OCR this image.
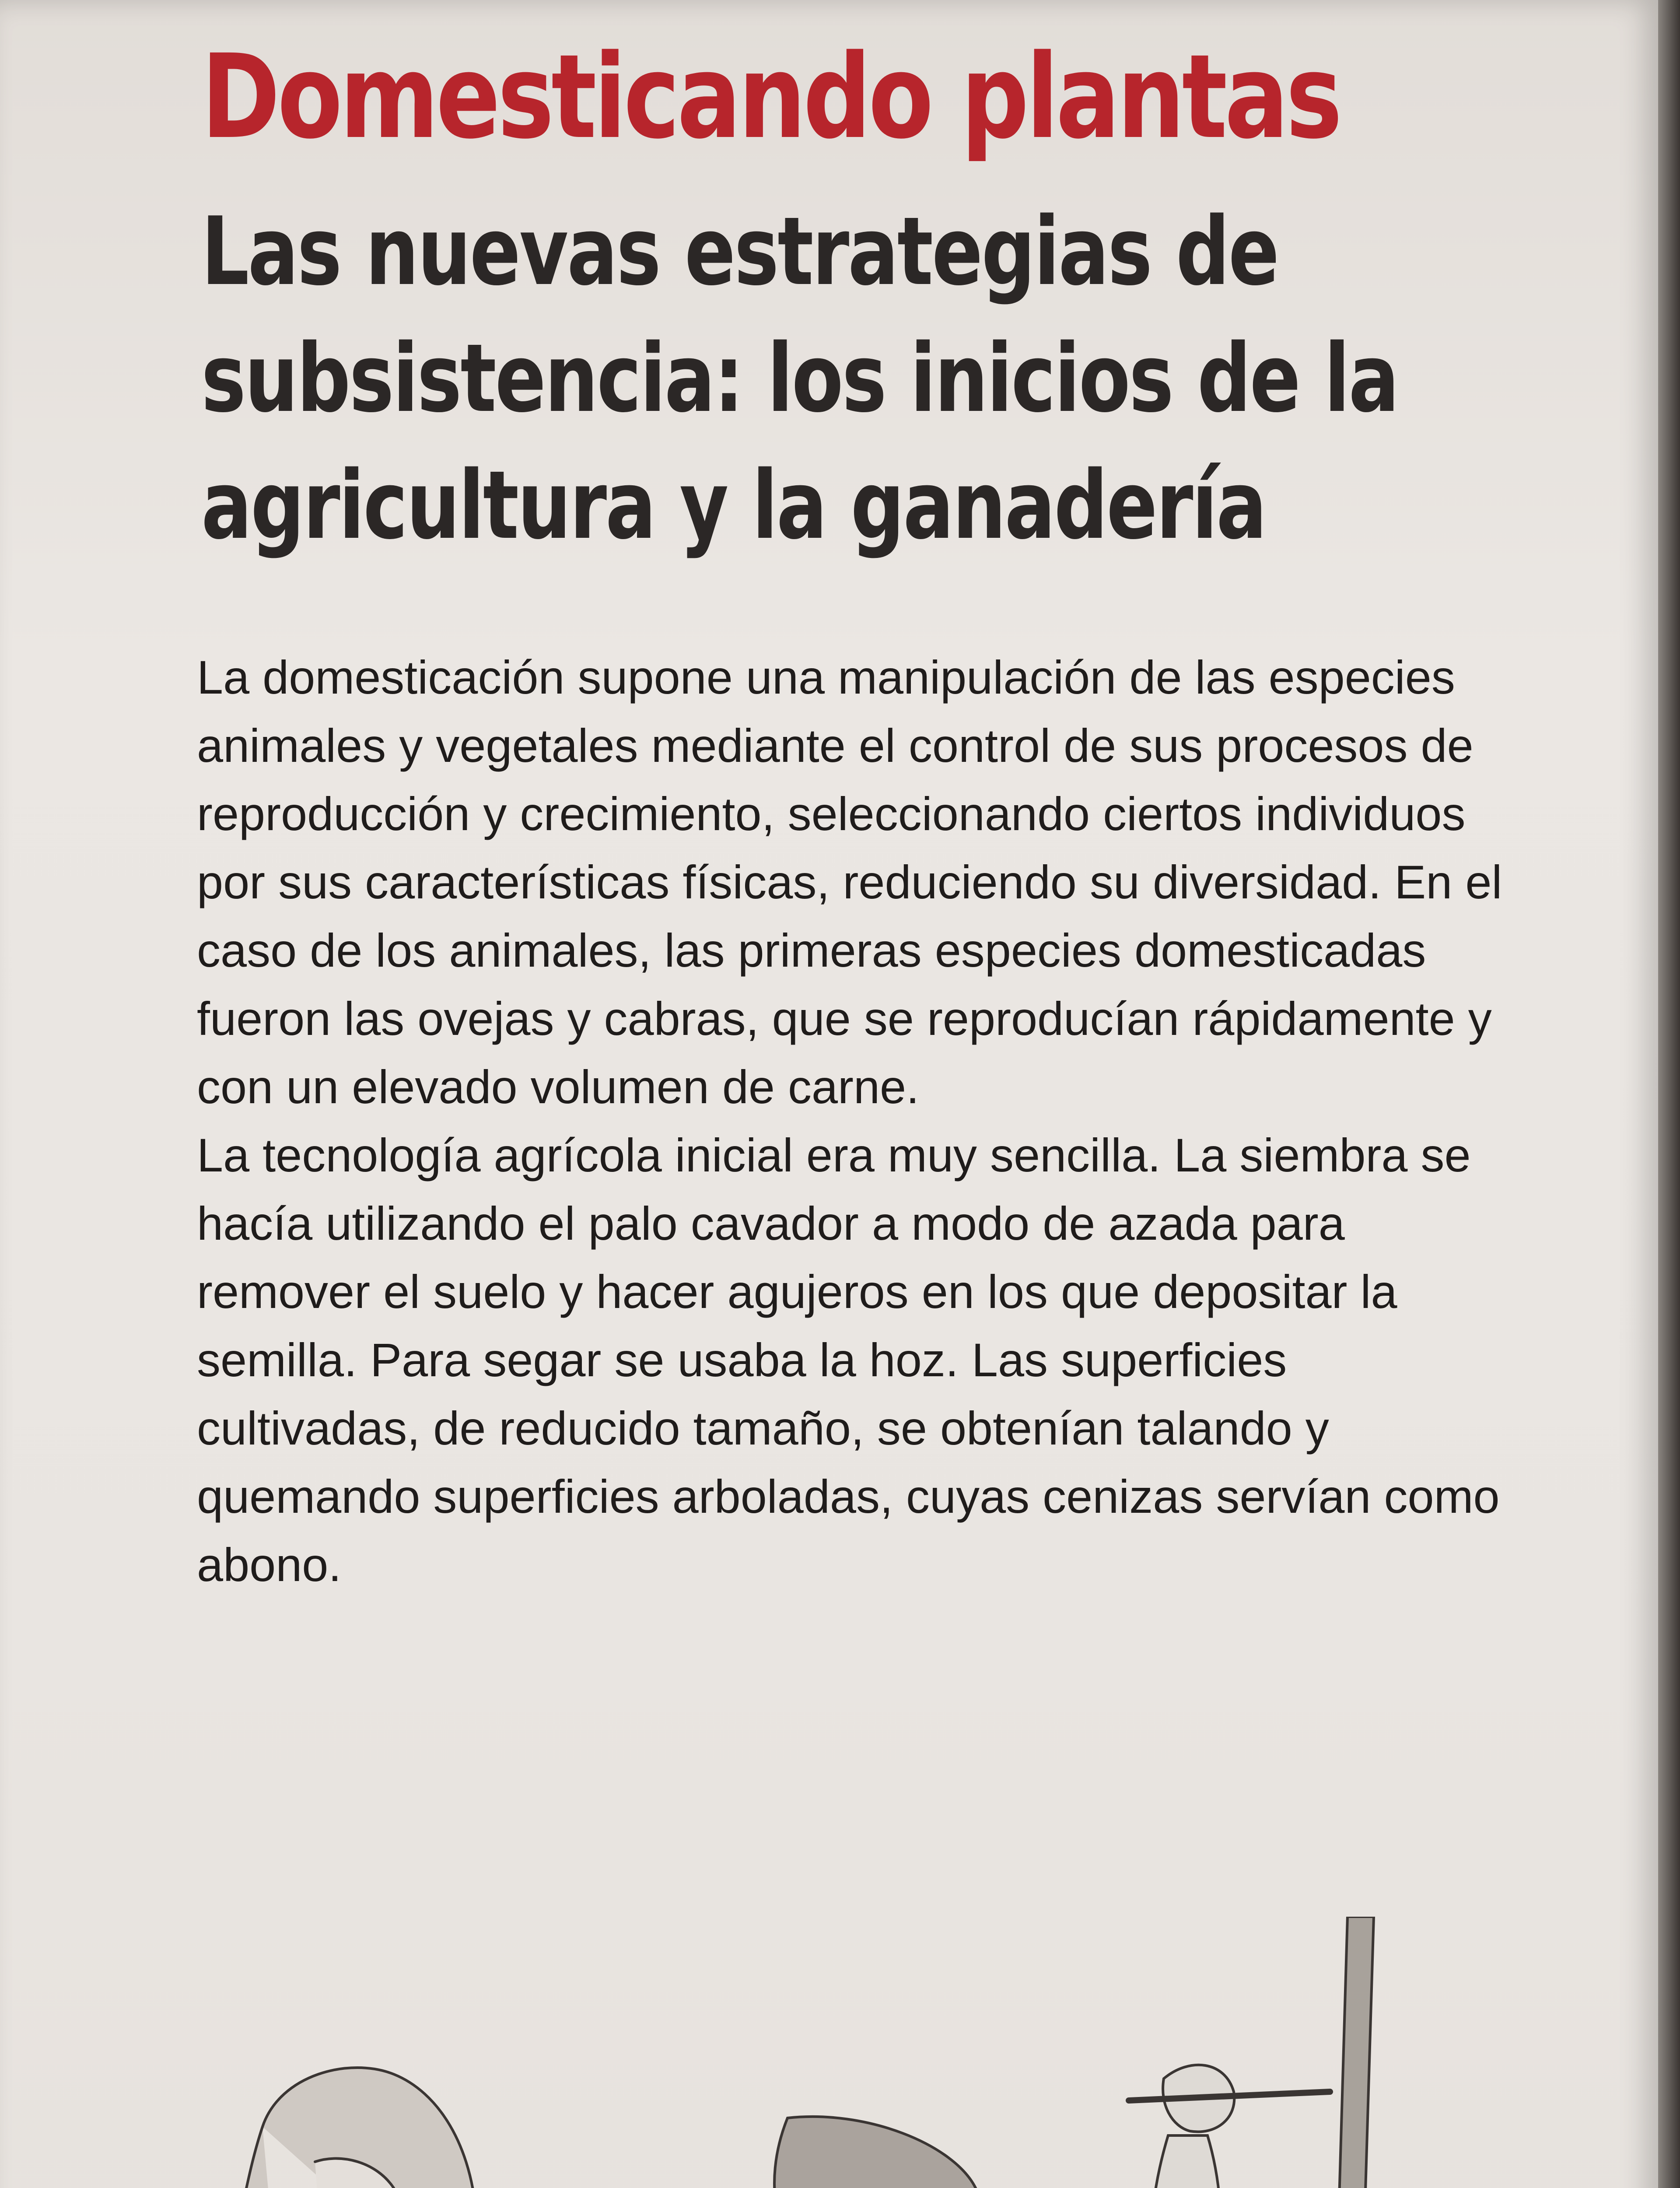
Domesticando plantas
Las nuevas estrategias de subsistencia: los inicios de la agricultura y la ganadería

La domesticación supone una manipulación de las especies animales y vegetales mediante el control de sus procesos de reproducción y crecimiento, seleccionando ciertos individuos por sus características físicas, reduciendo su diversidad. En el caso de los animales, las primeras especies domesticadas fueron las ovejas y cabras, que se reproducían rápidamente y con un elevado volumen de carne.

La tecnología agrícola inicial era muy sencilla. La siembra se hacía utilizando el palo cavador a modo de azada para remover el suelo y hacer agujeros en los que depositar la semilla. Para segar se usaba la hoz. Las superficies cultivadas, de reducido tamaño, se obtenían talando y quemando superficies arboladas, cuyas cenizas servían como abono.
